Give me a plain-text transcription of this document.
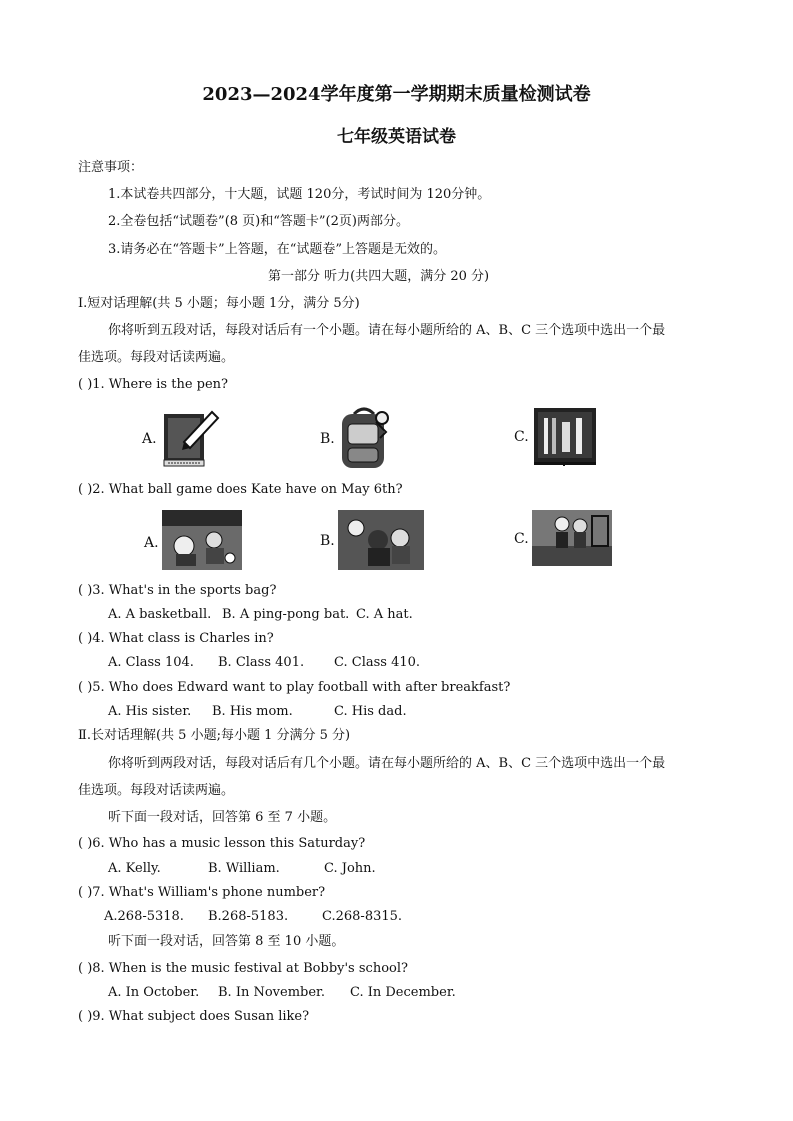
2023—2024学年度第一学期期末质量检测试卷
七年级英语试卷
注意事项：
1.本试卷共四部分，十大题，试题 120分，考试时间为 120分钟。
2.全卷包括“试题卷”(8 页)和“答题卡”(2页)两部分。
3.请务必在“答题卡”上答题，在“试题卷”上答题是无效的。
第一部分 听力(共四大题，满分 20 分)
Ⅰ.短对话理解(共 5 小题；每小题 1分，满分 5分)
你将听到五段对话，每段对话后有一个小题。请在每小题所给的 A、B、C 三个选项中选出一个最
佳选项。每段对话读两遍。
( )1. Where is the pen?
A.	B.	C.
( )2. What ball game does Kate have on May 6th?
A.	B.	C.
( )3. What's in the sports bag?
A. A basketball. B. A ping-pong bat. C. A hat.
( )4. What class is Charles in?
A. Class 104. B. Class 401. C. Class 410.
( )5. Who does Edward want to play football with after breakfast?
A. His sister. B. His mom.	C. His dad.
Ⅱ.长对话理解(共 5 小题;每小题 1 分满分 5 分)
你将听到两段对话，每段对话后有几个小题。请在每小题所给的 A、B、C 三个选项中选出一个最
佳选项。每段对话读两遍。
听下面一段对话，回答第 6 至 7 小题。
( )6. Who has a music lesson this Saturday?
A. Kelly.	B. William.	C. John.
( )7. What's William's phone number?
A.268-5318. B.268-5183.	C.268-8315.
听下面一段对话，回答第 8 至 10 小题。
( )8. When is the music festival at Bobby's school?
A. In October. B. In November. C. In December.
( )9. What subject does Susan like?
